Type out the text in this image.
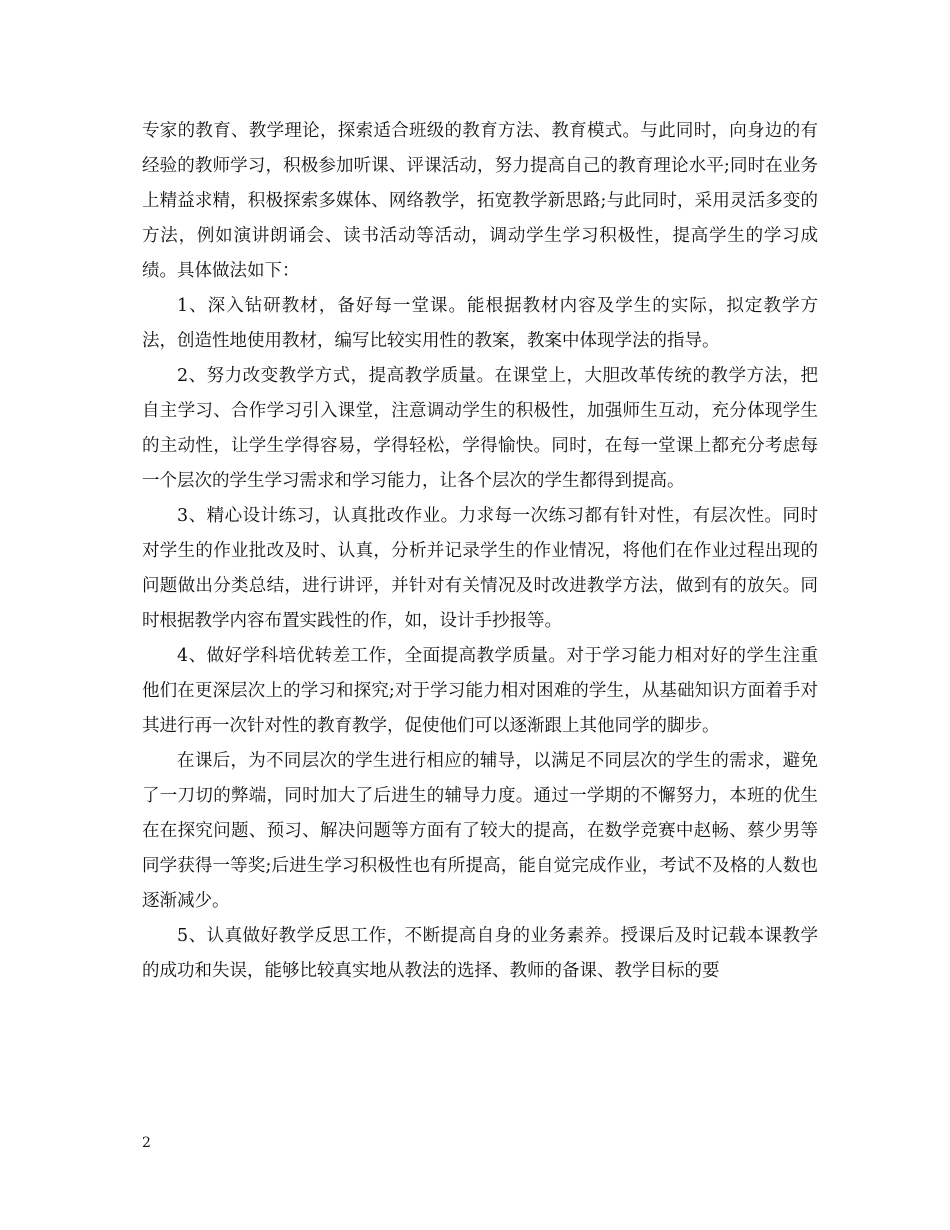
专家的教育、教学理论，探索适合班级的教育方法、教育模式。与此同时，向身边的有经验的教师学习，积极参加听课、评课活动，努力提高自己的教育理论水平;同时在业务上精益求精，积极探索多媒体、网络教学，拓宽教学新思路;与此同时，采用灵活多变的方法，例如演讲朗诵会、读书活动等活动，调动学生学习积极性，提高学生的学习成绩。具体做法如下：

1、深入钻研教材，备好每一堂课。能根据教材内容及学生的实际，拟定教学方法，创造性地使用教材，编写比较实用性的教案，教案中体现学法的指导。

2、努力改变教学方式，提高教学质量。在课堂上，大胆改革传统的教学方法，把自主学习、合作学习引入课堂，注意调动学生的积极性，加强师生互动，充分体现学生的主动性，让学生学得容易，学得轻松，学得愉快。同时，在每一堂课上都充分考虑每一个层次的学生学习需求和学习能力，让各个层次的学生都得到提高。

3、精心设计练习，认真批改作业。力求每一次练习都有针对性，有层次性。同时对学生的作业批改及时、认真，分析并记录学生的作业情况，将他们在作业过程出现的问题做出分类总结，进行讲评，并针对有关情况及时改进教学方法，做到有的放矢。同时根据教学内容布置实践性的作，如，设计手抄报等。

4、做好学科培优转差工作，全面提高教学质量。对于学习能力相对好的学生注重他们在更深层次上的学习和探究;对于学习能力相对困难的学生，从基础知识方面着手对其进行再一次针对性的教育教学，促使他们可以逐渐跟上其他同学的脚步。

在课后，为不同层次的学生进行相应的辅导，以满足不同层次的学生的需求，避免了一刀切的弊端，同时加大了后进生的辅导力度。通过一学期的不懈努力，本班的优生在在探究问题、预习、解决问题等方面有了较大的提高，在数学竞赛中赵畅、蔡少男等同学获得一等奖;后进生学习积极性也有所提高，能自觉完成作业，考试不及格的人数也逐渐减少。

5、认真做好教学反思工作，不断提高自身的业务素养。授课后及时记载本课教学的成功和失误，能够比较真实地从教法的选择、教师的备课、教学目标的要

2
